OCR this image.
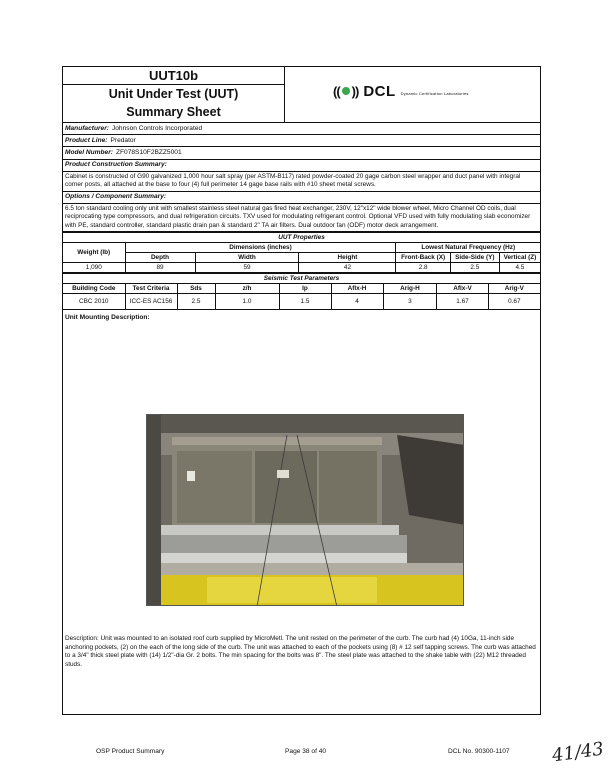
UUT10b
Unit Under Test (UUT)
Summary Sheet
(( )) DCL Dynamic Certification Laboratories
Manufacturer: Johnson Controls Incorporated
Product Line: Predator
Model Number: ZF078S10F2BZZ5001
Product Construction Summary:
Cabinet is constructed of G90 galvanized 1,000 hour salt spray (per ASTM-B117) rated powder-coated 20 gage carbon steel wrapper and duct panel with integral corner posts, all attached at the base to four (4) full perimeter 14 gage base rails with #10 sheet metal screws.
Options / Component Summary:
6.5 ton standard cooling only unit with smallest stainless steel natural gas fired heat exchanger, 230V, 12"x12" wide blower wheel, Micro Channel OD coils, dual reciprocating type compressors, and dual refrigeration circuits. TXV used for modulating refrigerant control. Optional VFD used with fully modulating slab economizer with PE, standard controller, standard plastic drain pan & standard 2" TA air filters. Dual outdoor fan (ODF) motor deck arrangement.
UUT Properties						
Weight (lb)	Dimensions (inches)			Lowest Natural Frequency (Hz)		
	Depth	Width	Height	Front-Back (X)	Side-Side (Y)	Vertical (Z)
1,090	89	59	42	2.8	2.5	4.5
Seismic Test Parameters								
Building Code	Test Criteria	Sds	z/h	Ip	Aflx-H	Arig-H	Aflx-V	Arig-V
CBC 2010	ICC-ES AC156	2.5	1.0	1.5	4	3	1.67	0.67
Unit Mounting Description:
Description: Unit was mounted to an isolated roof curb supplied by MicroMetl. The unit rested on the perimeter of the curb. The curb had (4) 10Ga, 11-inch side anchoring pockets, (2) on the each of the long side of the curb. The unit was attached to each of the pockets using (8) # 12 self tapping screws. The curb was attached to a 3/4" thick steel plate with (14) 1/2"-dia Gr. 2 bolts. The min spacing for the bolts was 8". The steel plate was attached to the shake table with (22) M12 threaded studs.
OSP Product Summary	Page 38 of 40	DCL No. 90300-1107 41/43
